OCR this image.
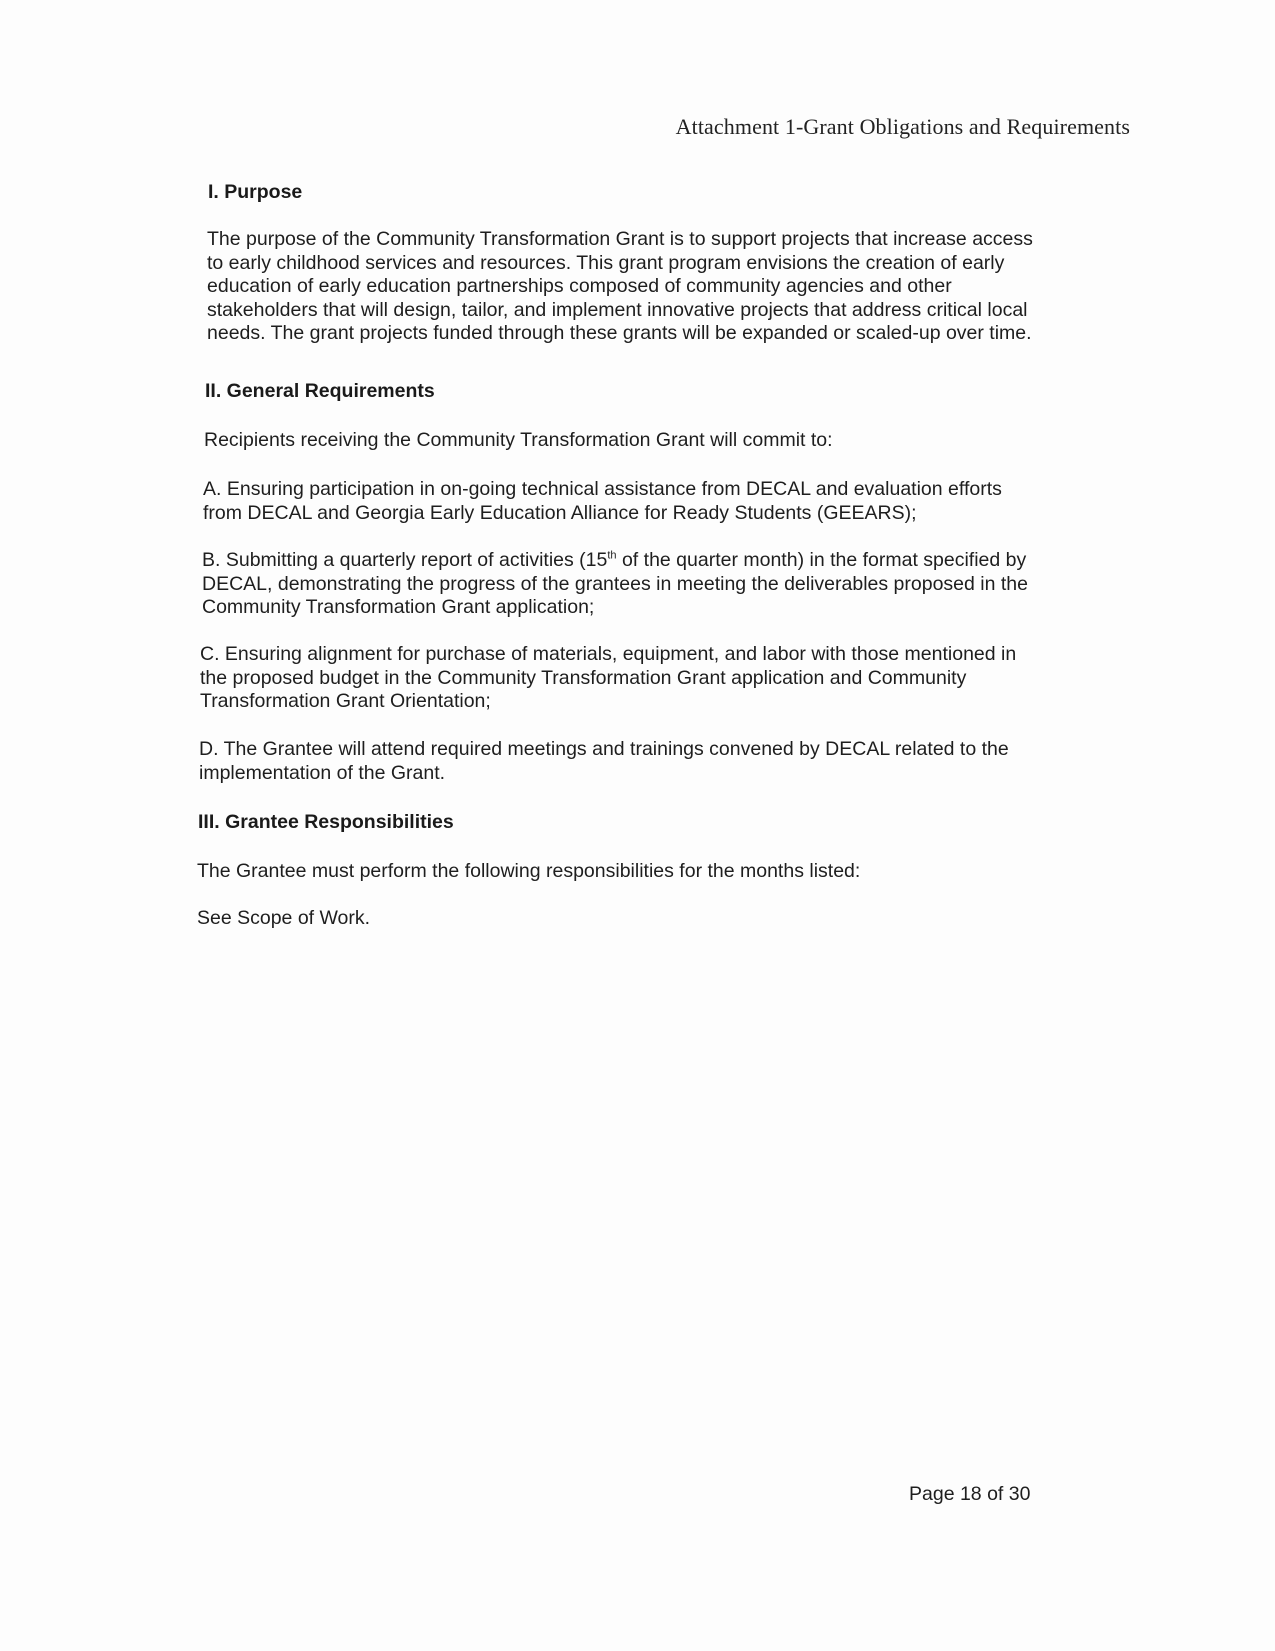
Attachment 1-Grant Obligations and Requirements
I. Purpose
The purpose of the Community Transformation Grant is to support projects that increase access
to early childhood services and resources. This grant program envisions the creation of early
education of early education partnerships composed of community agencies and other
stakeholders that will design, tailor, and implement innovative projects that address critical local
needs. The grant projects funded through these grants will be expanded or scaled-up over time.
II. General Requirements
Recipients receiving the Community Transformation Grant will commit to:
A. Ensuring participation in on-going technical assistance from DECAL and evaluation efforts
from DECAL and Georgia Early Education Alliance for Ready Students (GEEARS);
B. Submitting a quarterly report of activities (15th of the quarter month) in the format specified by
DECAL, demonstrating the progress of the grantees in meeting the deliverables proposed in the
Community Transformation Grant application;
C. Ensuring alignment for purchase of materials, equipment, and labor with those mentioned in
the proposed budget in the Community Transformation Grant application and Community
Transformation Grant Orientation;
D. The Grantee will attend required meetings and trainings convened by DECAL related to the
implementation of the Grant.
III. Grantee Responsibilities
The Grantee must perform the following responsibilities for the months listed:
See Scope of Work.
Page 18 of 30
